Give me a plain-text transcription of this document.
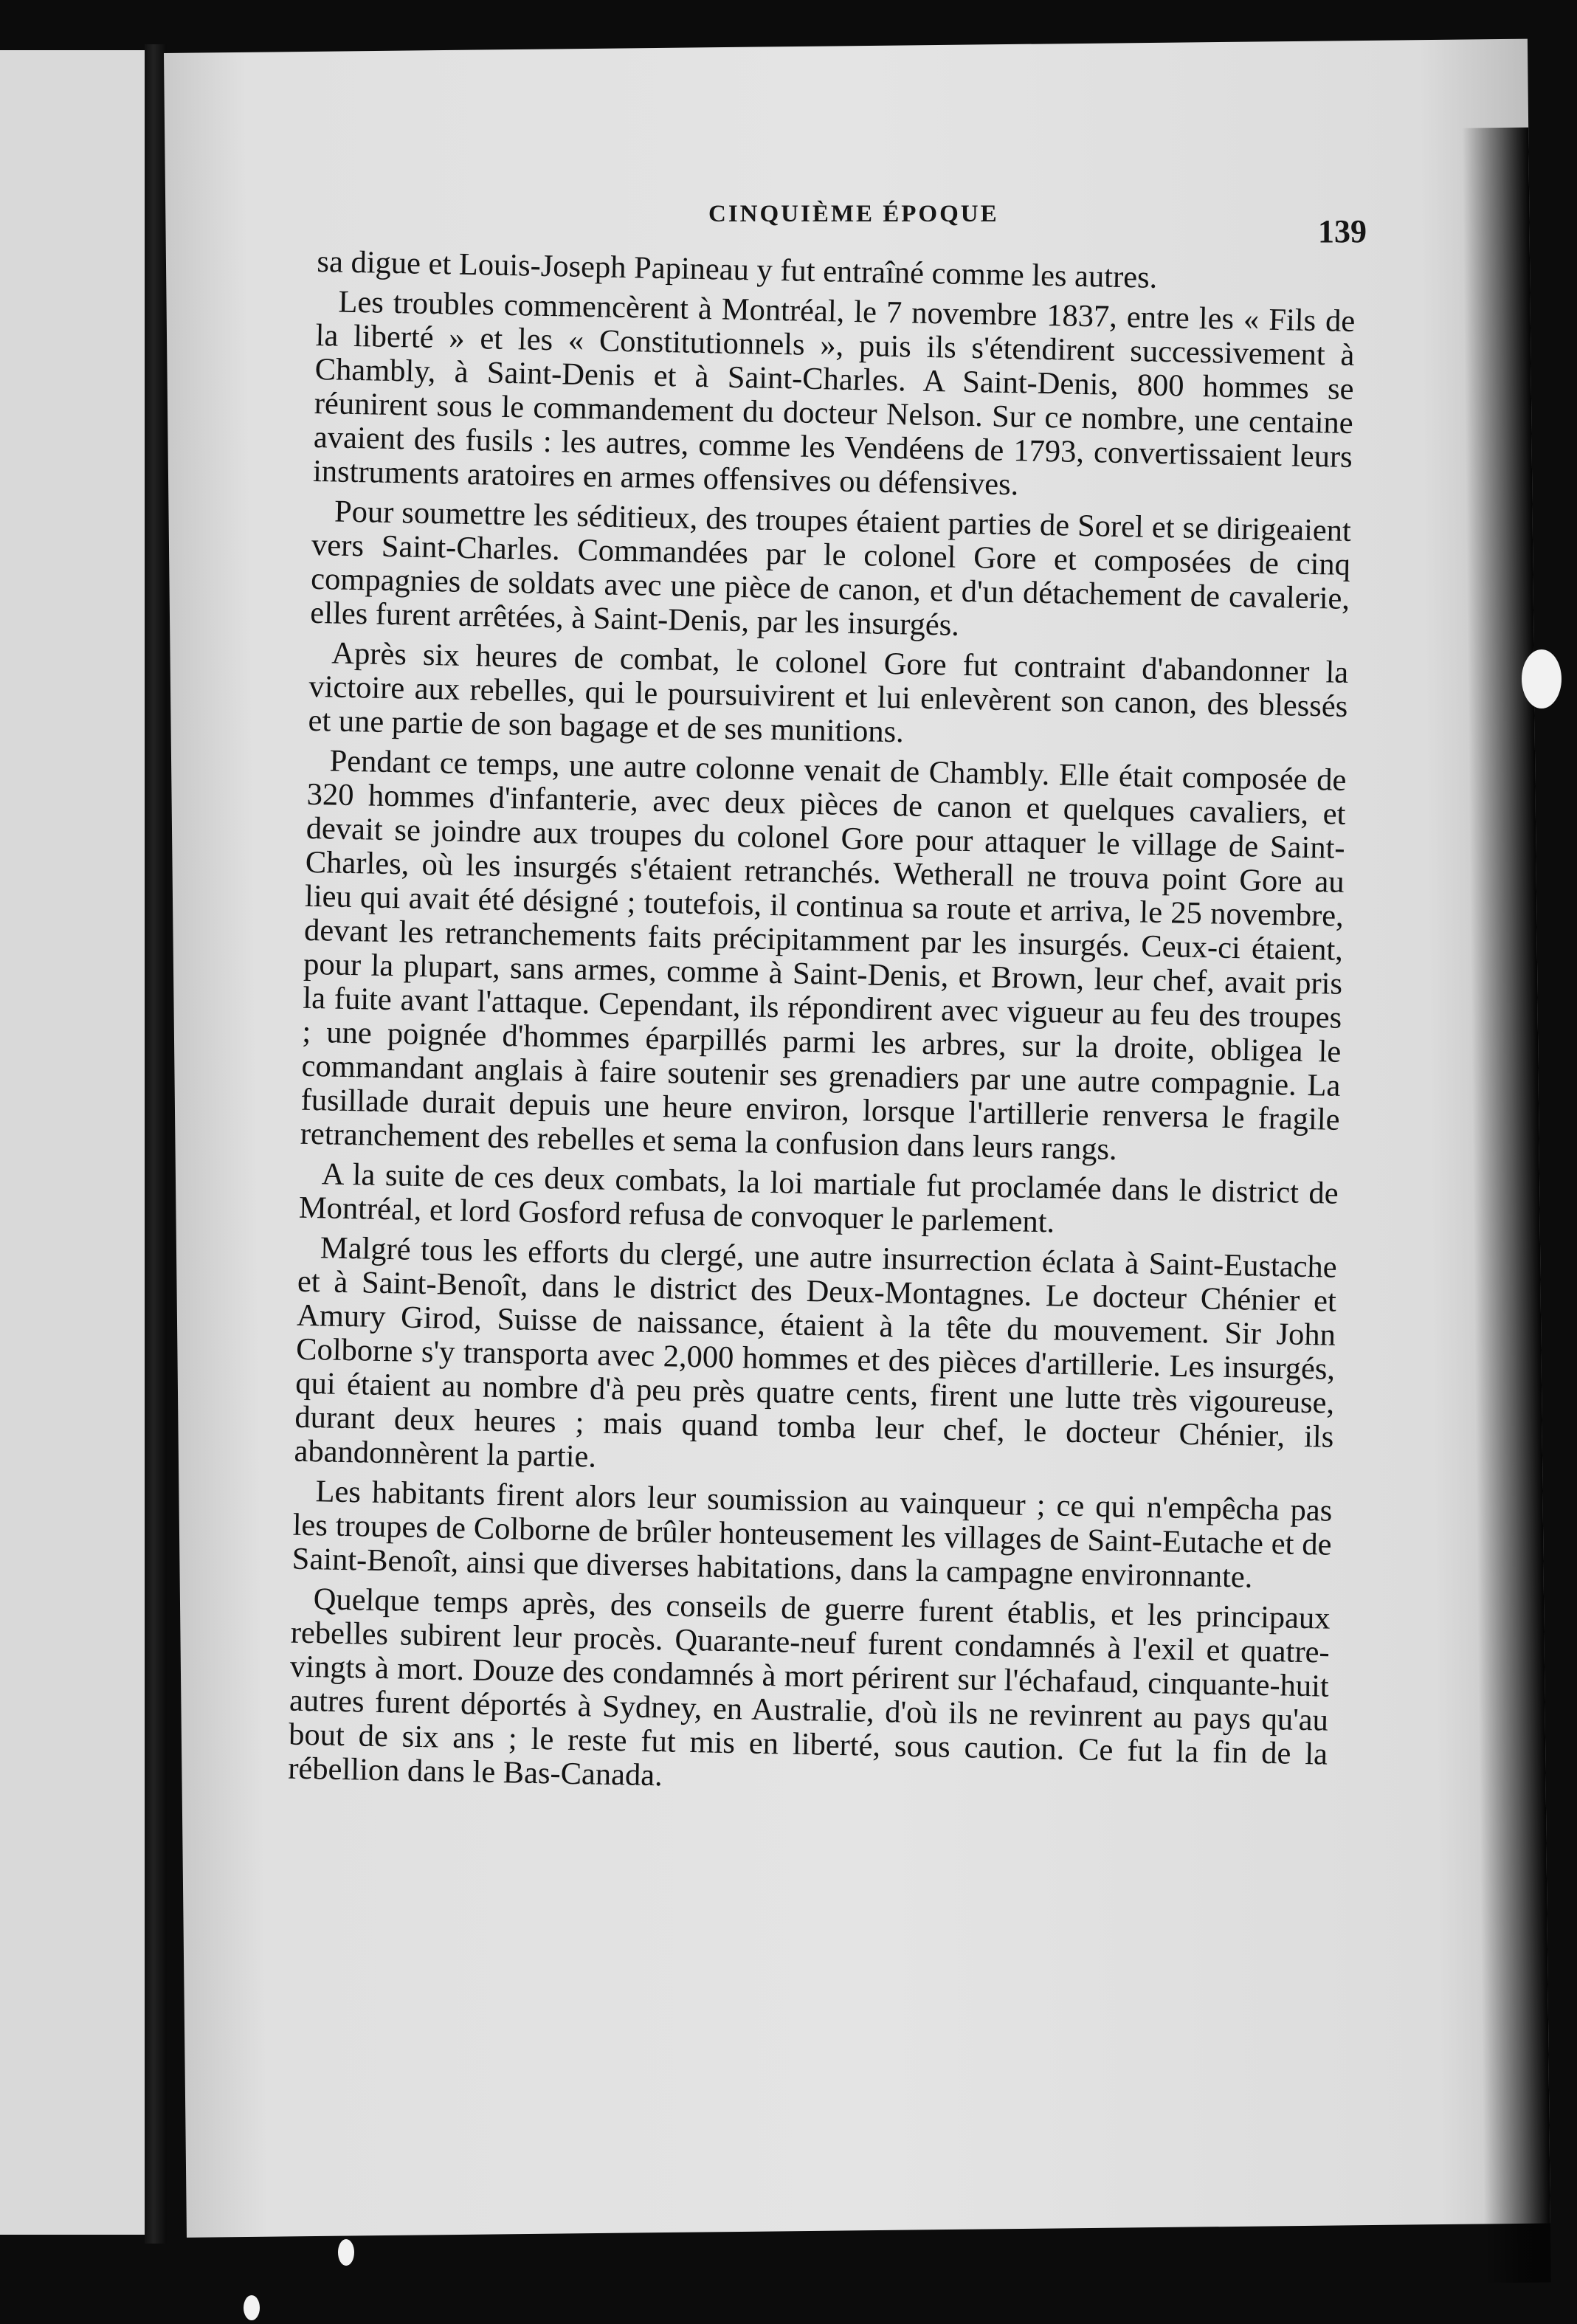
CINQUIÈME ÉPOQUE	139

sa digue et Louis-Joseph Papineau y fut entraîné comme les autres.

Les troubles commencèrent à Montréal, le 7 novembre 1837, entre les « Fils de la liberté » et les « Constitutionnels », puis ils s'étendirent successivement à Chambly, à Saint-Denis et à Saint-Charles. A Saint-Denis, 800 hommes se réunirent sous le commandement du docteur Nelson. Sur ce nombre, une centaine avaient des fusils : les autres, comme les Vendéens de 1793, convertissaient leurs instruments aratoires en armes offensives ou défensives.

Pour soumettre les séditieux, des troupes étaient parties de Sorel et se dirigeaient vers Saint-Charles. Commandées par le colonel Gore et composées de cinq compagnies de soldats avec une pièce de canon, et d'un détachement de cavalerie, elles furent arrêtées, à Saint-Denis, par les insurgés.

Après six heures de combat, le colonel Gore fut contraint d'abandonner la victoire aux rebelles, qui le poursuivirent et lui enlevèrent son canon, des blessés et une partie de son bagage et de ses munitions.

Pendant ce temps, une autre colonne venait de Chambly. Elle était composée de 320 hommes d'infanterie, avec deux pièces de canon et quelques cavaliers, et devait se joindre aux troupes du colonel Gore pour attaquer le village de Saint-Charles, où les insurgés s'étaient retranchés. Wetherall ne trouva point Gore au lieu qui avait été désigné ; toutefois, il continua sa route et arriva, le 25 novembre, devant les retranchements faits précipitamment par les insurgés. Ceux-ci étaient, pour la plupart, sans armes, comme à Saint-Denis, et Brown, leur chef, avait pris la fuite avant l'attaque. Cependant, ils répondirent avec vigueur au feu des troupes ; une poignée d'hommes éparpillés parmi les arbres, sur la droite, obligea le commandant anglais à faire soutenir ses grenadiers par une autre compagnie. La fusillade durait depuis une heure environ, lorsque l'artillerie renversa le fragile retranchement des rebelles et sema la confusion dans leurs rangs.

A la suite de ces deux combats, la loi martiale fut proclamée dans le district de Montréal, et lord Gosford refusa de convoquer le parlement.

Malgré tous les efforts du clergé, une autre insurrection éclata à Saint-Eustache et à Saint-Benoît, dans le district des Deux-Montagnes. Le docteur Chénier et Amury Girod, Suisse de naissance, étaient à la tête du mouvement. Sir John Colborne s'y transporta avec 2,000 hommes et des pièces d'artillerie. Les insurgés, qui étaient au nombre d'à peu près quatre cents, firent une lutte très vigoureuse, durant deux heures ; mais quand tomba leur chef, le docteur Chénier, ils abandonnèrent la partie.

Les habitants firent alors leur soumission au vainqueur ; ce qui n'empêcha pas les troupes de Colborne de brûler honteusement les villages de Saint-Eutache et de Saint-Benoît, ainsi que diverses habitations, dans la campagne environnante.

Quelque temps après, des conseils de guerre furent établis, et les principaux rebelles subirent leur procès. Quarante-neuf furent condamnés à l'exil et quatre-vingts à mort. Douze des condamnés à mort périrent sur l'échafaud, cinquante-huit autres furent déportés à Sydney, en Australie, d'où ils ne revinrent au pays qu'au bout de six ans ; le reste fut mis en liberté, sous caution. Ce fut la fin de la rébellion dans le Bas-Canada.
